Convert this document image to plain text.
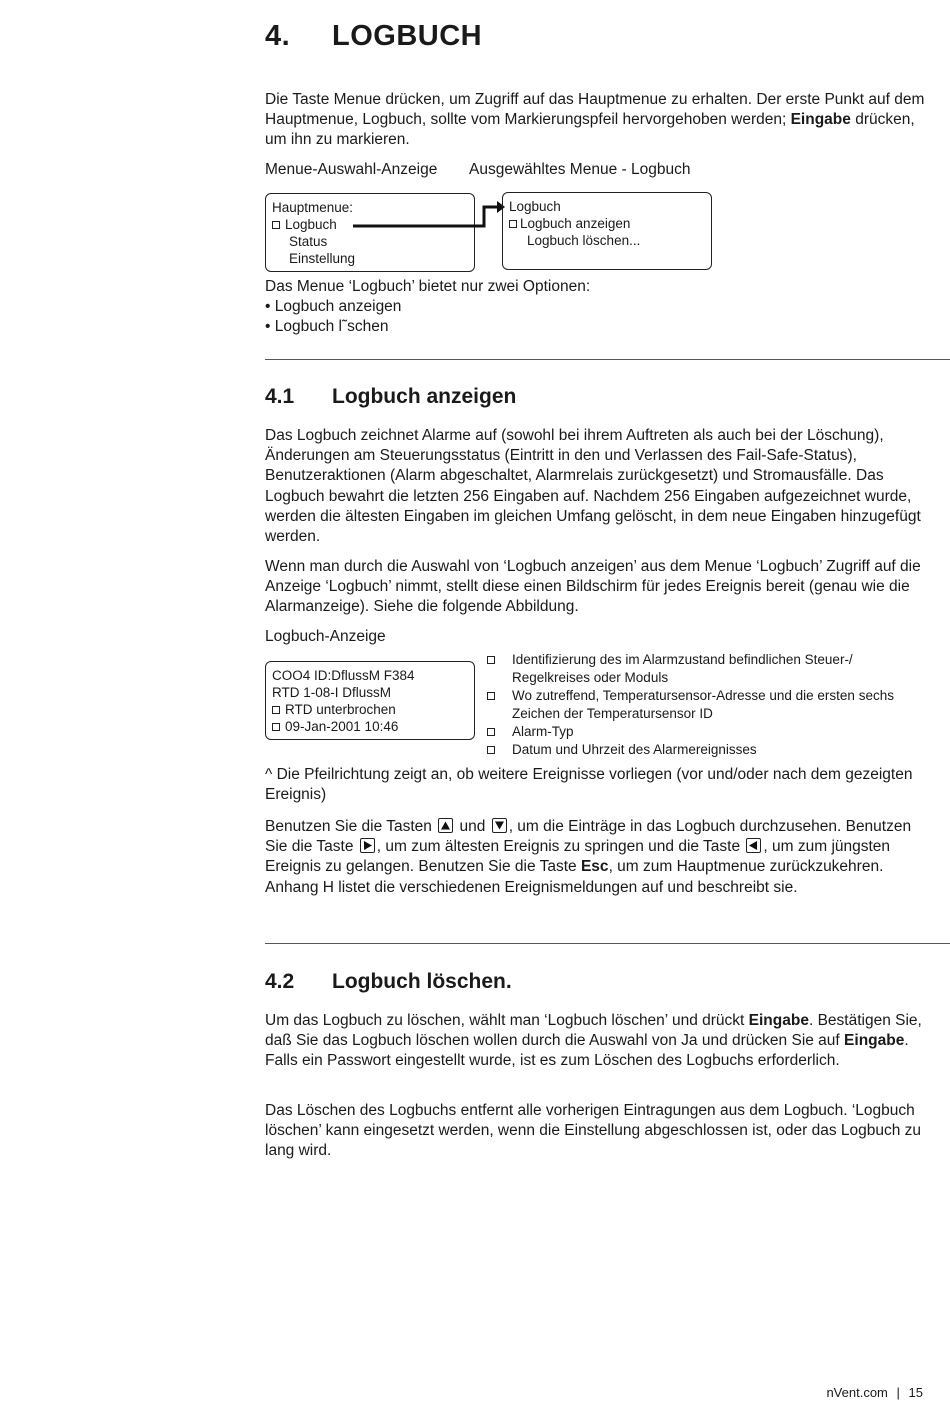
4. LOGBUCH
Die Taste Menue drücken, um Zugriff auf das Hauptmenue zu erhalten. Der erste Punkt auf dem Hauptmenue, Logbuch, sollte vom Markierungspfeil hervorgehoben werden; Eingabe drücken, um ihn zu markieren.
Menue-Auswahl-Anzeige Ausgewähltes Menue - Logbuch
Hauptmenue:
Logbuch
Status
Einstellung
Logbuch
Logbuch anzeigen
Logbuch löschen...
Das Menue ‘Logbuch’ bietet nur zwei Optionen:
• Logbuch anzeigen
• Logbuch l˜schen
4.1 Logbuch anzeigen
Das Logbuch zeichnet Alarme auf (sowohl bei ihrem Auftreten als auch bei der Löschung), Änderungen am Steuerungsstatus (Eintritt in den und Verlassen des Fail-Safe-Status), Benutzeraktionen (Alarm abgeschaltet, Alarmrelais zurückgesetzt) und Stromausfälle. Das Logbuch bewahrt die letzten 256 Eingaben auf. Nachdem 256 Eingaben aufgezeichnet wurde, werden die ältesten Eingaben im gleichen Umfang gelöscht, in dem neue Eingaben hinzugefügt werden.
Wenn man durch die Auswahl von ‘Logbuch anzeigen’ aus dem Menue ‘Logbuch’ Zugriff auf die Anzeige ‘Logbuch’ nimmt, stellt diese einen Bildschirm für jedes Ereignis bereit (genau wie die Alarmanzeige). Siehe die folgende Abbildung.
Logbuch-Anzeige
COO4 ID:DflussM F384
RTD 1-08-I DflussM
RTD unterbrochen
09-Jan-2001 10:46
Identifizierung des im Alarmzustand befindlichen Steuer-/ Regelkreises oder Moduls
Wo zutreffend, Temperatursensor-Adresse und die ersten sechs Zeichen der Temperatursensor ID
Alarm-Typ
Datum und Uhrzeit des Alarmereignisses
^ Die Pfeilrichtung zeigt an, ob weitere Ereignisse vorliegen (vor und/oder nach dem gezeigten Ereignis)
Benutzen Sie die Tasten
und
, um die Einträge in das Logbuch durchzusehen. Benutzen Sie die Taste
, um zum ältesten Ereignis zu springen und die Taste
, um zum jüngsten Ereignis zu gelangen. Benutzen Sie die Taste Esc, um zum Hauptmenue zurückzukehren. Anhang H listet die verschiedenen Ereignismeldungen auf und beschreibt sie.
4.2 Logbuch löschen.
Um das Logbuch zu löschen, wählt man ‘Logbuch löschen’ und drückt Eingabe. Bestätigen Sie, daß Sie das Logbuch löschen wollen durch die Auswahl von Ja und drücken Sie auf Eingabe. Falls ein Passwort eingestellt wurde, ist es zum Löschen des Logbuchs erforderlich.
Das Löschen des Logbuchs entfernt alle vorherigen Eintragungen aus dem Logbuch. ‘Logbuch löschen’ kann eingesetzt werden, wenn die Einstellung abgeschlossen ist, oder das Logbuch zu lang wird.
nVent.com | 15
